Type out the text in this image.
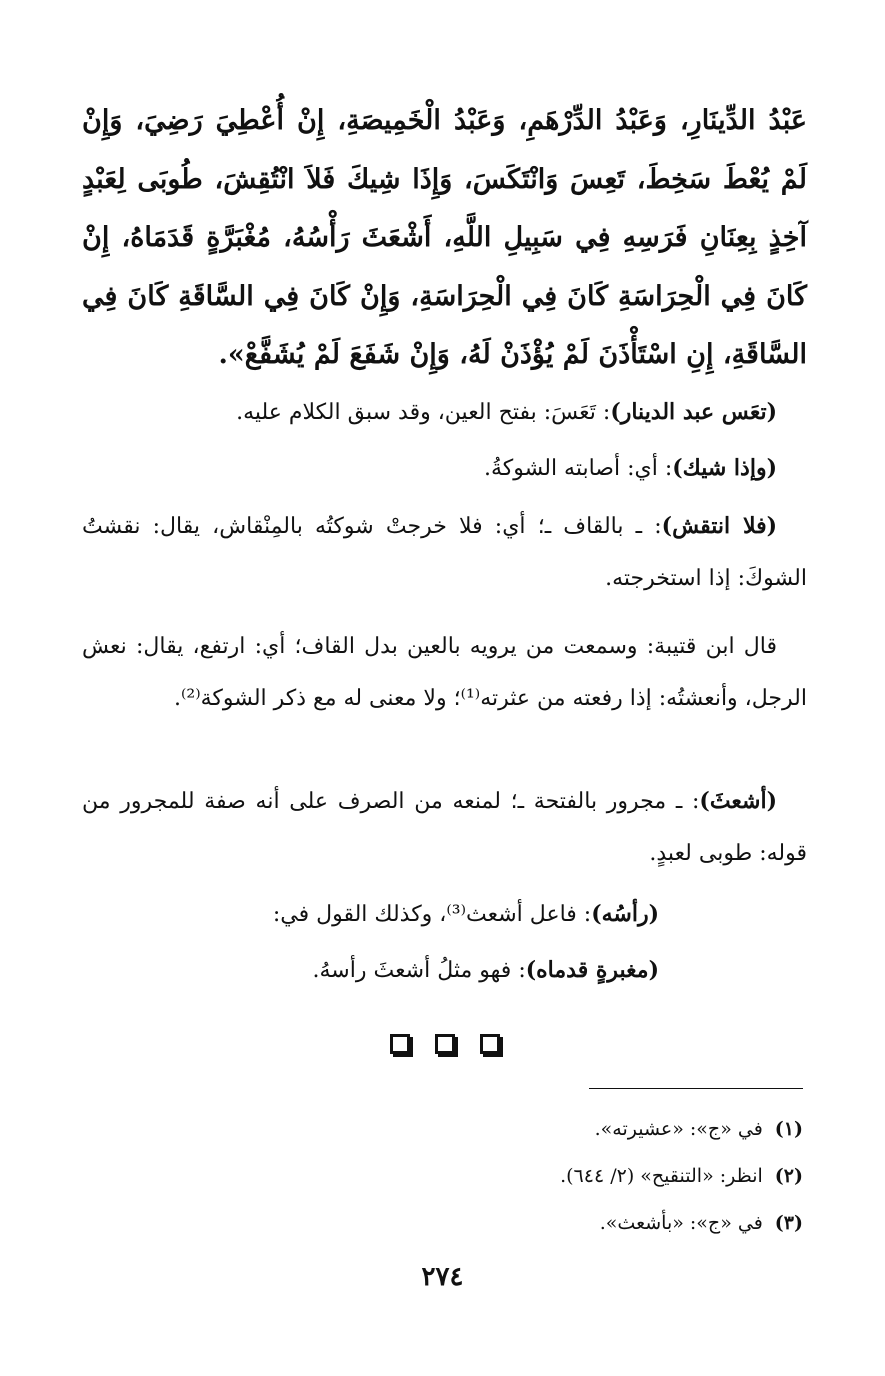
عَبْدُ الدِّينَارِ، وَعَبْدُ الدِّرْهَمِ، وَعَبْدُ الْخَمِيصَةِ، إِنْ أُعْطِيَ رَضِيَ، وَإِنْ لَمْ يُعْطَ سَخِطَ، تَعِسَ وَانْتَكَسَ، وَإِذَا شِيكَ فَلاَ انْتُقِشَ، طُوبَى لِعَبْدٍ آخِذٍ بِعِنَانِ فَرَسِهِ فِي سَبِيلِ اللَّهِ، أَشْعَثَ رَأْسُهُ، مُغْبَرَّةٍ قَدَمَاهُ، إِنْ كَانَ فِي الْحِرَاسَةِ كَانَ فِي الْحِرَاسَةِ، وَإِنْ كَانَ فِي السَّاقَةِ كَانَ فِي السَّاقَةِ، إِنِ اسْتَأْذَنَ لَمْ يُؤْذَنْ لَهُ، وَإِنْ شَفَعَ لَمْ يُشَفَّعْ».
(تعَس عبد الدينار): تَعَسَ: بفتح العين، وقد سبق الكلام عليه.
(وإذا شيك): أي: أصابته الشوكةُ.
(فلا انتقش): ـ بالقاف ـ؛ أي: فلا خرجتْ شوكتُه بالمِنْقاش، يقال: نقشتُ الشوكَ: إذا استخرجته.
قال ابن قتيبة: وسمعت من يرويه بالعين بدل القاف؛ أي: ارتفع، يقال: نعش الرجل، وأنعشتُه: إذا رفعته من عثرته⁽¹⁾؛ ولا معنى له مع ذكر الشوكة⁽²⁾.
(أشعثَ): ـ مجرور بالفتحة ـ؛ لمنعه من الصرف على أنه صفة للمجرور من قوله: طوبى لعبدٍ.
(رأسُه): فاعل أشعث⁽³⁾، وكذلك القول في:
(مغبرةٍ قدماه): فهو مثلُ أشعثَ رأسهُ.
(١)
في «ج»: «عشيرته».
(٢)
انظر: «التنقيح» (٢/ ٦٤٤).
(٣)
في «ج»: «بأشعث».
٢٧٤
